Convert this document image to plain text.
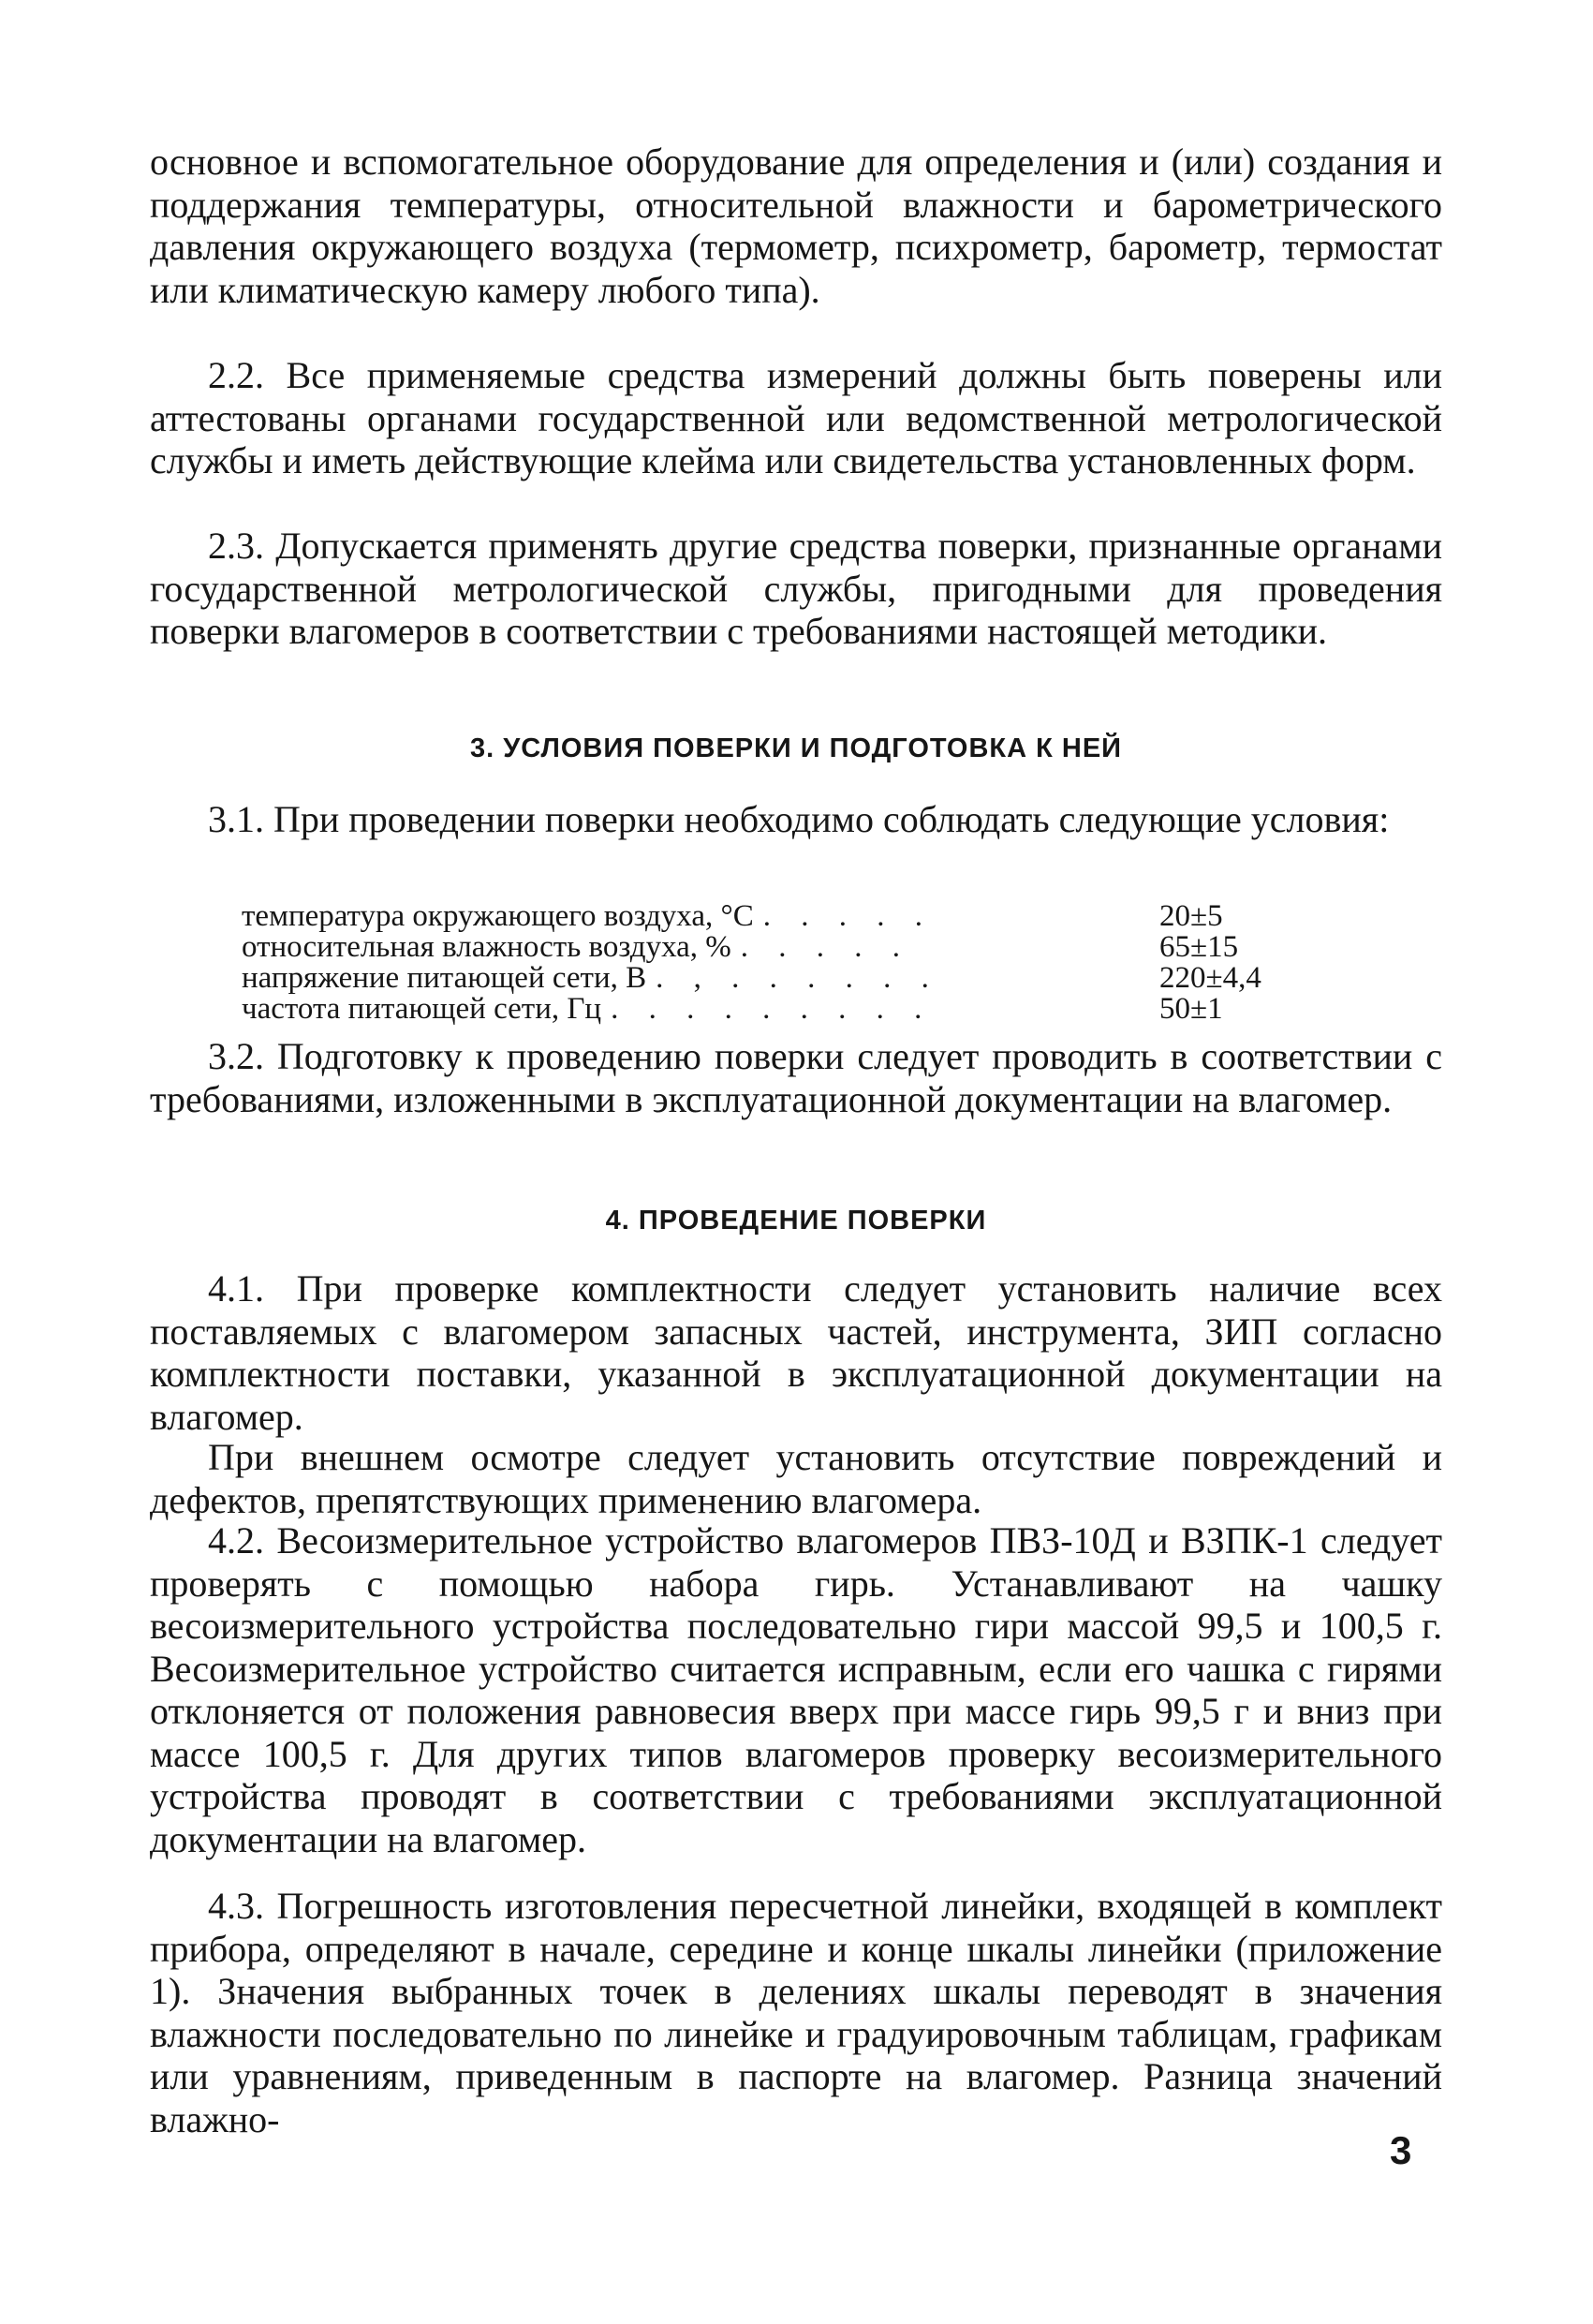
основное и вспомогательное оборудование для определения и (или) создания и поддержания температуры, относительной влажности и барометрического давления окружающего воздуха (термометр, психрометр, барометр, термостат или климатическую камеру любого типа).

2.2. Все применяемые средства измерений должны быть поверены или аттестованы органами государственной или ведомственной метрологической службы и иметь действующие клейма или свидетельства установленных форм.

2.3. Допускается применять другие средства поверки, признанные органами государственной метрологической службы, пригодными для проведения поверки влагомеров в соответствии с требованиями настоящей методики.

3. УСЛОВИЯ ПОВЕРКИ И ПОДГОТОВКА К НЕЙ

3.1. При проведении поверки необходимо соблюдать следующие условия:

температура окружающего воздуха, °С . . . . .	20±5
относительная влажность воздуха, % . . . . .	65±15
напряжение питающей сети, В . , . . . . . .	220±4,4
частота питающей сети, Гц . . . . . . . . .	50±1

3.2. Подготовку к проведению поверки следует проводить в соответствии с требованиями, изложенными в эксплуатационной документации на влагомер.

4. ПРОВЕДЕНИЕ ПОВЕРКИ

4.1. При проверке комплектности следует установить наличие всех поставляемых с влагомером запасных частей, инструмента, ЗИП согласно комплектности поставки, указанной в эксплуатационной документации на влагомер.

При внешнем осмотре следует установить отсутствие повреждений и дефектов, препятствующих применению влагомера.

4.2. Весоизмерительное устройство влагомеров ПВЗ-10Д и ВЗПК-1 следует проверять с помощью набора гирь. Устанавливают на чашку весоизмерительного устройства последовательно гири массой 99,5 и 100,5 г. Весоизмерительное устройство считается исправным, если его чашка с гирями отклоняется от положения равновесия вверх при массе гирь 99,5 г и вниз при массе 100,5 г. Для других типов влагомеров проверку весоизмерительного устройства проводят в соответствии с требованиями эксплуатационной документации на влагомер.

4.3. Погрешность изготовления пересчетной линейки, входящей в комплект прибора, определяют в начале, середине и конце шкалы линейки (приложение 1). Значения выбранных точек в делениях шкалы переводят в значения влажности последовательно по линейке и градуировочным таблицам, графикам или уравнениям, приведенным в паспорте на влагомер. Разница значений влажно-

3
